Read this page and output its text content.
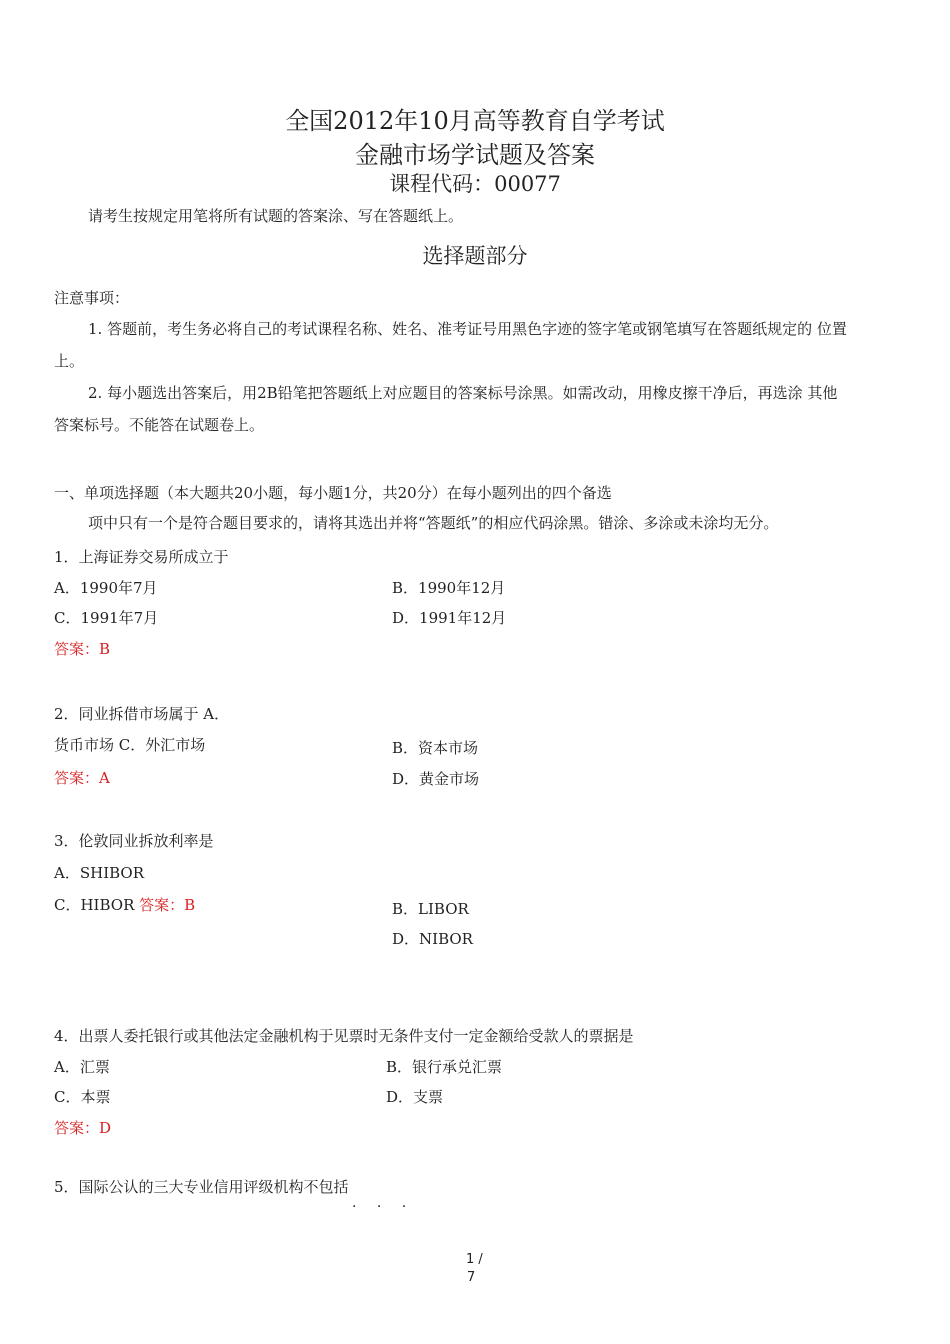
全国2012年10月高等教育自学考试
金融市场学试题及答案
课程代码：00077
请考生按规定用笔将所有试题的答案涂、写在答题纸上。
选择题部分
注意事项：
1. 答题前，考生务必将自己的考试课程名称、姓名、准考证号用黑色字迹的签字笔或钢笔填写在答题纸规定的 位置
上。
2. 每小题选出答案后，用2B铅笔把答题纸上对应题目的答案标号涂黑。如需改动，用橡皮擦干净后，再选涂 其他
答案标号。不能答在试题卷上。
一、单项选择题（本大题共20小题，每小题1分，共20分）在每小题列出的四个备选
项中只有一个是符合题目要求的，请将其选出并将“答题纸”的相应代码涂黑。错涂、多涂或未涂均无分。
1．上海证券交易所成立于
A．1990年7月	B．1990年12月
C．1991年7月	D．1991年12月
答案：B
2．同业拆借市场属于 A．
货币市场 C．外汇市场	B．资本市场
答案：A	D．黄金市场
3．伦敦同业拆放利率是
A．SHIBOR
C．HIBOR 答案：B	B．LIBOR
D．NIBOR
4．出票人委托银行或其他法定金融机构于见票时无条件支付一定金额给受款人的票据是
A．汇票	B．银行承兑汇票
C．本票	D．支票
答案：D
5．国际公认的三大专业信用评级机构不包括
· · ·
1 /
7
